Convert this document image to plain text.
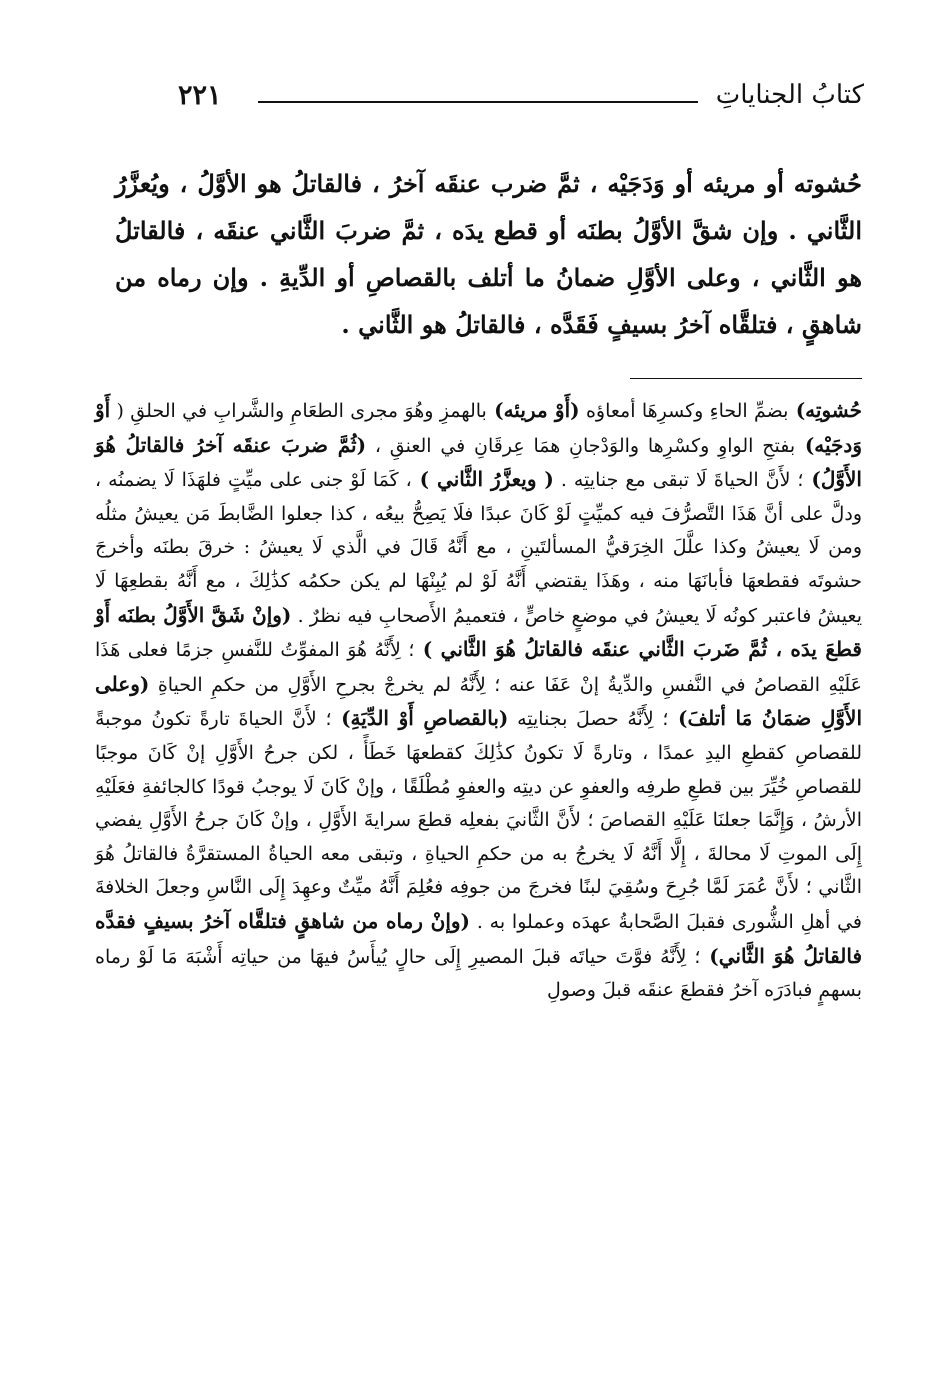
كتابُ الجناياتِ
٢٢١

حُشوته أو مريئه أو وَدَجَيْه ، ثمَّ ضرب عنقَه آخرُ ، فالقاتلُ هو الأوَّلُ ، ويُعزَّرُ الثَّاني . وإن شقَّ الأوَّلُ بطنَه أو قطع يدَه ، ثمَّ ضربَ الثَّاني عنقَه ، فالقاتلُ هو الثَّاني ، وعلى الأوَّلِ ضمانُ ما أتلف بالقصاصِ أو الدِّيةِ . وإن رماه من شاهقٍ ، فتلقَّاه آخرُ بسيفٍ فَقَدَّه ، فالقاتلُ هو الثَّاني .

حُشوتِه) بضمِّ الحاءِ وكسرِهَا أمعاؤه (أَوْ مريئه) بالهمزِ وهُوَ مجرى الطعَامِ والشَّرابِ في الحلقِ ( أَوْ وَدجَيْه) بفتحِ الواوِ وكسْرِها والوَدْجانِ همَا عِرقَانِ في العنقِ ، (ثُمَّ ضربَ عنقَه آخرُ فالقاتلُ هُوَ الأَوَّلُ) ؛ لأَنَّ الحياةَ لَا تبقى مع جنايتِه . ( ويعزَّرُ الثَّاني ) ، كَمَا لَوْ جنى على ميِّتٍ فلهَذَا لَا يضمنُه ، ودلَّ على أنَّ هَذَا التَّصرُّفَ فيه كميِّتٍ لَوْ كَانَ عبدًا فلَا يَصِحُّ بيعُه ، كذا جعلوا الضَّابطَ مَن يعيشُ مثلُه ومن لَا يعيشُ وكذا علَّلَ الخِرَقيُّ المسألتَينِ ، مع أَنَّهُ قَالَ في الَّذي لَا يعيشُ : خرقَ بطنَه وأخرجَ حشوتَه فقطعهَا فأبانَهَا منه ، وهَذَا يقتضي أَنَّهُ لَوْ لم يُبِنْهَا لم يكن حكمُه كذَٰلِكَ ، مع أَنَّهُ بقطعِهَا لَا يعيشُ فاعتبر كونُه لَا يعيشُ في موضعٍ خاصٍّ ، فتعميمُ الأَصحابِ فيه نظرٌ . (وإنْ شَقَّ الأَوَّلُ بطنَه أَوْ قطعَ يدَه ، ثُمَّ ضَربَ الثَّاني عنقَه فالقاتلُ هُوَ الثَّاني ) ؛ لِأَنَّهُ هُوَ المفوِّتُ للنَّفسِ جزمًا فعلى هَذَا عَلَيْهِ القصاصُ في النَّفسِ والدِّيةُ إنْ عَفَا عنه ؛ لِأَنَّهُ لم يخرجْ بجرحِ الأَوَّلِ من حكمِ الحياةِ (وعلى الأَوَّلِ ضمَانُ مَا أتلفَ) ؛ لِأَنَّهُ حصلَ بجنايتِه (بالقصاصِ أَوْ الدِّيَةِ) ؛ لأَنَّ الحياةَ تارةً تكونُ موجبةً للقصاصِ كقطعِ اليدِ عمدًا ، وتارةً لَا تكونُ كذَٰلِكَ كقطعهَا خَطَأً ، لكن جرحُ الأَوَّلِ إنْ كَانَ موجبًا للقصاصِ خُيِّرَ بين قطعِ طرفِه والعفوِ عن ديتِه والعفوِ مُطْلَقًا ، وإنْ كَانَ لَا يوجبُ قودًا كالجائفةِ فعَلَيْهِ الأرشُ ، وَإِنَّمَا جعلنَا عَلَيْهِ القصاصَ ؛ لأَنَّ الثَّانيَ بفعلِه قطعَ سرايةَ الأَوَّلِ ، وإنْ كَانَ جرحُ الأَوَّلِ يفضي إِلَى الموتِ لَا محالةَ ، إِلَّا أَنَّهُ لَا يخرجُ به من حكمِ الحياةِ ، وتبقى معه الحياةُ المستقرَّةُ فالقاتلُ هُوَ الثَّاني ؛ لأَنَّ عُمَرَ لَمَّا جُرِحَ وسُقِيَ لبنًا فخرجَ من جوفِه فعُلِمَ أَنَّهُ ميِّتٌ وعهِدَ إِلَى النَّاسِ وجعلَ الخلافةَ في أهلِ الشُّورى فقبلَ الصَّحابةُ عهدَه وعملوا به . (وإنْ رماه من شاهقٍ فتلقَّاه آخرُ بسيفٍ فقدَّه فالقاتلُ هُوَ الثَّاني) ؛ لِأَنَّهُ فوَّتَ حياتَه قبلَ المصيرِ إِلَى حالٍ يُيأَسُ فيهَا من حياتِه أَشْبَهَ مَا لَوْ رماه بسهمٍ فبادَرَه آخرُ فقطعَ عنقَه قبلَ وصولِ
